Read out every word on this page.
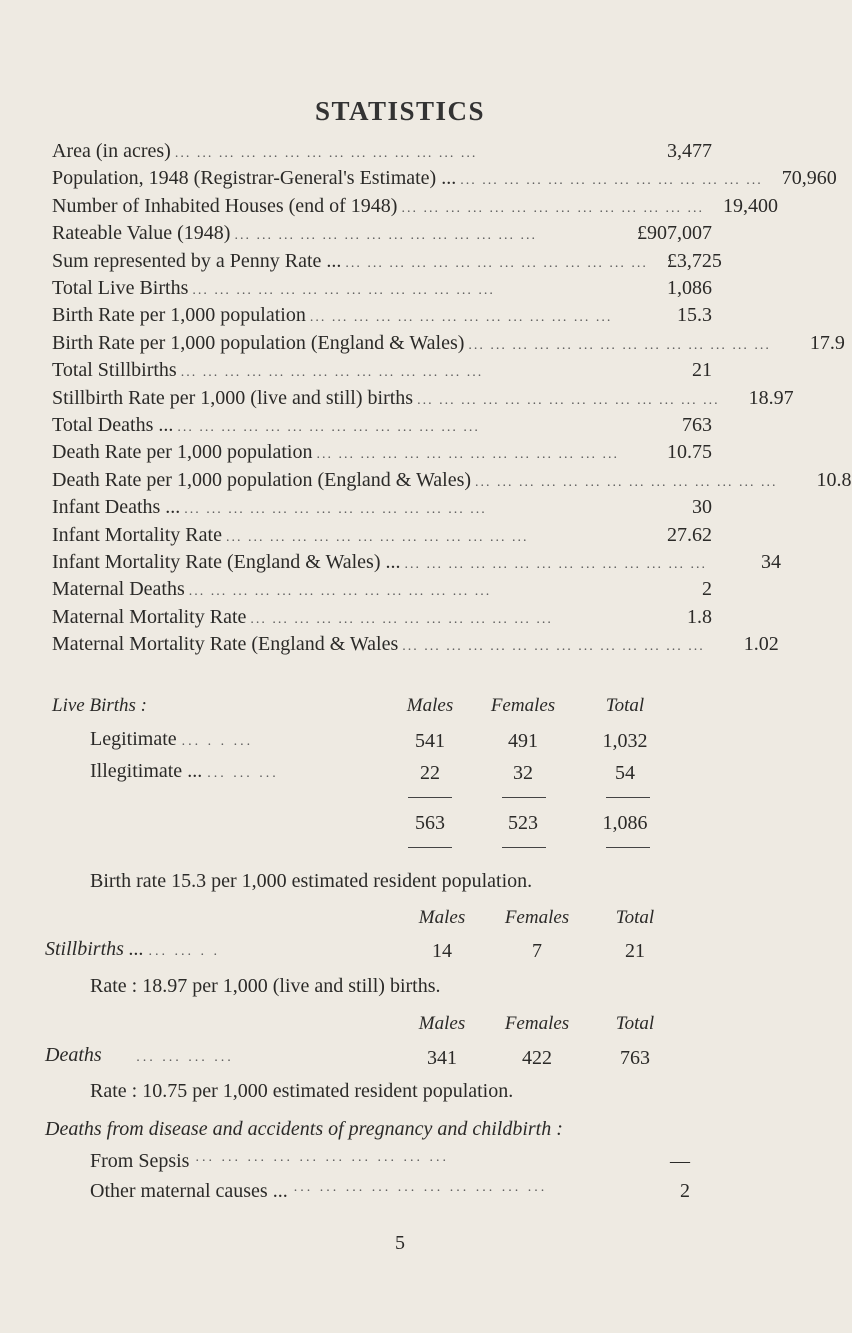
STATISTICS
Area (in acres) ... ... ... ... ... ... ... ... ... ... ... ... ... ...	3,477
Population, 1948 (Registrar-General's Estimate) ... ... ... ... ... ... ... ... ... ... ... ... ... ... ... 70,960
Number of Inhabited Houses (end of 1948) ... ... ... ... ... ... ... ... ... ... ... ... ... ... 19,400
Rateable Value (1948) ... ... ... ... ... ... ... ... ... ... ... ... ... ...	£907,007
Sum represented by a Penny Rate ... ... ... ... ... ... ... ... ... ... ... ... ... ... ... £3,725
Total Live Births ... ... ... ... ... ... ... ... ... ... ... ... ... ...	1,086
Birth Rate per 1,000 population ... ... ... ... ... ... ... ... ... ... ... ... ... ...	15.3
Birth Rate per 1,000 population (England & Wales) ... ... ... ... ... ... ... ... ... ... ... ... ... ...	17.9
Total Stillbirths ... ... ... ... ... ... ... ... ... ... ... ... ... ...	21
Stillbirth Rate per 1,000 (live and still) births ... ... ... ... ... ... ... ... ... ... ... ... ... ...	18.97
Total Deaths ... ... ... ... ... ... ... ... ... ... ... ... ... ... ...	763
Death Rate per 1,000 population ... ... ... ... ... ... ... ... ... ... ... ... ... ...	10.75
Death Rate per 1,000 population (England & Wales) ... ... ... ... ... ... ... ... ... ... ... ... ... ...	10.8
Infant Deaths ... ... ... ... ... ... ... ... ... ... ... ... ... ... ...	30
Infant Mortality Rate ... ... ... ... ... ... ... ... ... ... ... ... ... ...	27.62
Infant Mortality Rate (England & Wales) ... ... ... ... ... ... ... ... ... ... ... ... ... ... ...	34
Maternal Deaths ... ... ... ... ... ... ... ... ... ... ... ... ... ...	2
Maternal Mortality Rate ... ... ... ... ... ... ... ... ... ... ... ... ... ...	1.8
Maternal Mortality Rate (England & Wales ... ... ... ... ... ... ... ... ... ... ... ... ... ...	1.02
Live Births :	Males	Females	Total
Legitimate ... . . ...	541	491	1,032
Illegitimate ... ... ... ...	22	32	54
563	523	1,086
Birth rate 15.3 per 1,000 estimated resident population.
Males	Females	Total
Stillbirths ... ... ... . .	14	7	21
Rate : 18.97 per 1,000 (live and still) births.
Males	Females	Total
Deaths	... ... ... ...	341	422	763
Rate : 10.75 per 1,000 estimated resident population.
Deaths from disease and accidents of pregnancy and childbirth :
From Sepsis ... ... ... ... ... ... ... ... ... ...	—
Other maternal causes ... ... ... ... ... ... ... ... ... ... ...	2
5
